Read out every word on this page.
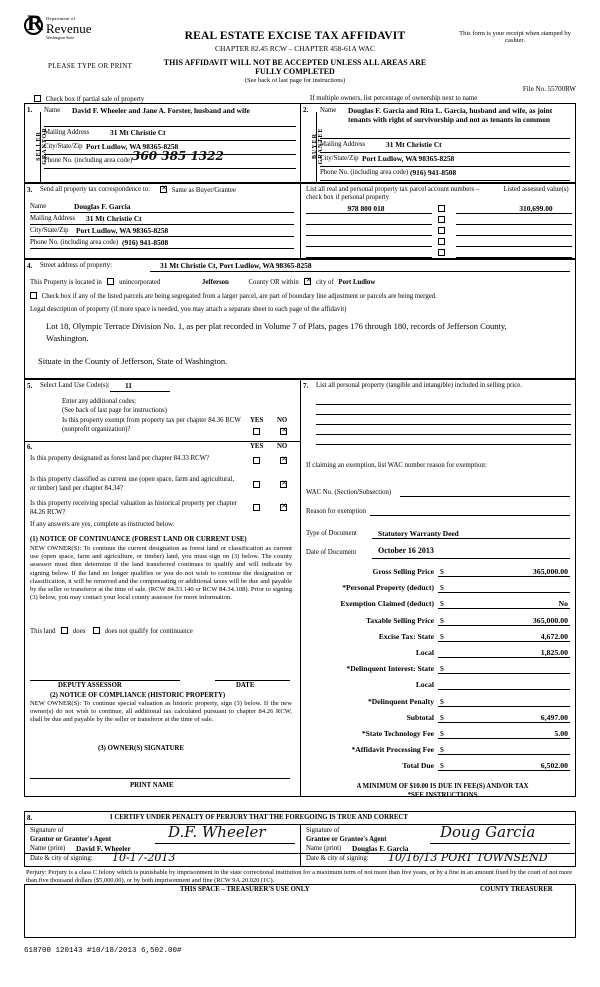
R Department of
Revenue
Washington State
PLEASE TYPE OR PRINT
REAL ESTATE EXCISE TAX AFFIDAVIT
CHAPTER 82.45 RCW – CHAPTER 458-61A WAC
THIS AFFIDAVIT WILL NOT BE ACCEPTED UNLESS ALL AREAS ARE FULLY COMPLETED
(See back of last page for instructions)
This form is your receipt when stamped by cashier.
File No. 55700RW
Check box if partial sale of property	If multiple owners, list percentage of ownership next to name
1.	2.
SELLER GRANTOR	BUYER GRANTEE
Name David F. Wheeler and Jane A. Forster, husband and wife
Mailing Address	31 Mt Christie Ct
City/State/Zip Port Ludlow, WA 98365-8258
Phone No. (including area code) 360 385 1322
Name Douglas F. Garcia and Rita L. Garcia, husband and wife, as joint tenants with right of survivorship and not as tenants in common
Mailing Address	31 Mt Christie Ct
City/State/Zip Port Ludlow, WA 98365-8258
Phone No. (including area code) (916) 941-8508
3. Send all property tax correspondence to: ✕	Same as Buyer/Grantee
Name	Douglas F. Garcia
Mailing Address 31 Mt Christie Ct
City/State/Zip Port Ludlow, WA 98365-8258
Phone No. (including area code) (916) 941-8508
List all real and personal property tax parcel account numbers – check box if personal property
Listed assessed value(s)
978 800 018	310,699.00
4. Street address of property:	31 Mt Christie Ct, Port Ludlow, WA 98365-8258
This Property is located in	unincorporated	Jefferson	County OR within ✕	city of Port Ludlow
Check box if any of the listed parcels are being segregated from a larger parcel, are part of boundary line adjustment or parcels are being merged.
Legal description of property (if more space is needed, you may attach a separate sheet to each page of the affidavit)
Lot 18, Olympic Terrace Division No. 1, as per plat recorded in Volume 7 of Plats, pages 176 through 180, records of Jefferson County, Washington.
Situate in the County of Jefferson, State of Washington.
5. Select Land Use Code(s): 11
Enter any additional codes:
(See back of last page for instructions)
Is this property exempt from property tax per chapter 84.36 RCW (nonprofit organization)?
YES NO
✕
6.	YES NO
Is this property designated as forest land per chapter 84.33 RCW?
✕
Is this property classified as current use (open space, farm and agricultural, or timber) land per chapter 84.34?
✕
Is this property receiving special valuation as historical property per chapter 84.26 RCW?
✕
If any answers are yes, complete as instructed below.
(1) NOTICE OF CONTINUANCE (FOREST LAND OR CURRENT USE)
NEW OWNER(S): To continue the current designation as forest land or classification as current use (open space, farm and agriculture, or timber) land, you must sign on (3) below. The county assessor must then determine if the land transferred continues to qualify and will indicate by signing below. If the land no longer qualifies or you do not wish to continue the designation or classification, it will be removed and the compensating or additional taxes will be due and payable by the seller or transferor at the time of sale. (RCW 84.33.140 or RCW 84.34.108). Prior to signing (3) below, you may contact your local county assessor for more information.
This land	does	does not qualify for continuance
DEPUTY ASSESSOR	DATE
(2) NOTICE OF COMPLIANCE (HISTORIC PROPERTY)
NEW OWNER(S): To continue special valuation as historic property, sign (3) below. If the new owner(s) do not wish to continue, all additional tax calculated pursuant to chapter 84.26 RCW, shall be due and payable by the seller or transferor at the time of sale.
(3) OWNER(S) SIGNATURE
PRINT NAME
7. List all personal property (tangible and intangible) included in selling price.
If claiming an exemption, list WAC number reason for exemption:
WAC No. (Section/Subsection)
Reason for exemption
Type of Document	Statutory Warranty Deed
Date of Document	October 16 2013
Gross Selling Price $	365,000.00
*Personal Property (deduct) $
Exemption Claimed (deduct) $	No
Taxable Selling Price $	365,000.00
Excise Tax: State $	4,672.00
Local	1,825.00
*Delinquent Interest: State $
Local
*Delinquent Penalty $
Subtotal $	6,497.00
*State Technology Fee $	5.00
*Affidavit Processing Fee $
Total Due $	6,502.00
A MINIMUM OF $10.00 IS DUE IN FEE(S) AND/OR TAX
*SEE INSTRUCTIONS
8.	I CERTIFY UNDER PENALTY OF PERJURY THAT THE FOREGOING IS TRUE AND CORRECT
Signature of
Grantor or Grantor's Agent	D.F. Wheeler
Name (print) David F. Wheeler
Date & city of signing: 10-17-2013
Signature of
Grantee or Grantee's Agent	Doug Garcia
Name (print) Douglas F. Garcia
Date & city of signing: 10/16/13 PORT TOWNSEND
Perjury: Perjury is a class C felony which is punishable by imprisonment in the state correctional institution for a maximum term of not more than five years, or by a fine in an amount fixed by the court of not more than five thousand dollars ($5,000.00), or by both imprisonment and fine (RCW 9A.20.020 (1C).
THIS SPACE – TREASURER'S USE ONLY	COUNTY TREASURER
618700 120143 #10/18/2013 6,502.00#
